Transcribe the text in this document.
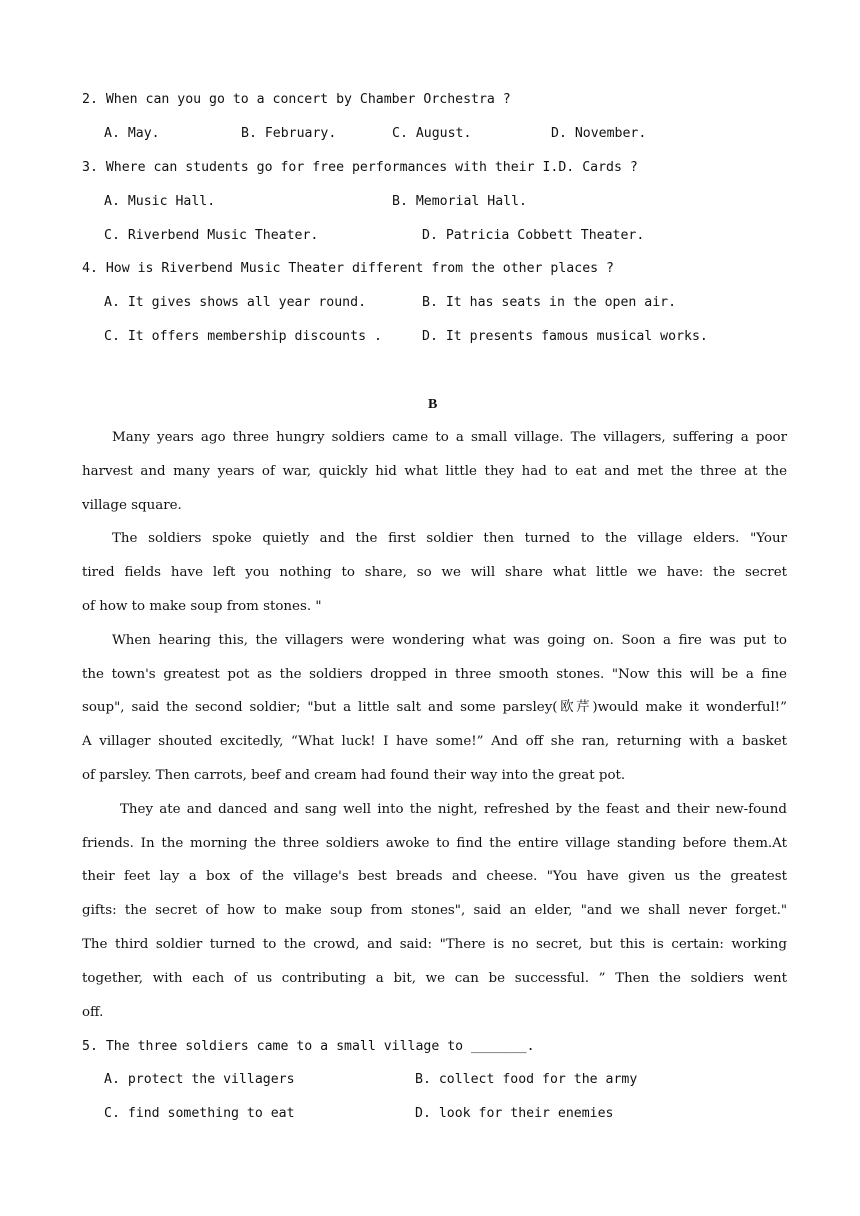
2. When can you go to a concert by Chamber Orchestra ?
A. May.	B. February.	C. August.	D. November.
3. Where can students go for free performances with their I.D. Cards ?
A. Music Hall.	B. Memorial Hall.
C. Riverbend Music Theater.	D. Patricia Cobbett Theater.
4. How is Riverbend Music Theater different from the other places ?
A. It gives shows all year round.	B. It has seats in the open air.
C. It offers membership discounts .	D. It presents famous musical works.
B
Many years ago three hungry soldiers came to a small village. The villagers, suffering a poor
harvest and many years of war, quickly hid what little they had to eat and met the three at the
village square.
The soldiers spoke quietly and the first soldier then turned to the village elders. "Your
tired fields have left you nothing to share, so we will share what little we have: the secret
of how to make soup from stones. "
When hearing this, the villagers were wondering what was going on. Soon a fire was put to
the town's greatest pot as the soldiers dropped in three smooth stones. "Now this will be a fine
soup", said the second soldier; "but a little salt and some parsley(欧芹)would make it wonderful!”
A villager shouted excitedly, “What luck! I have some!” And off she ran, returning with a basket
of parsley. Then carrots, beef and cream had found their way into the great pot.
They ate and danced and sang well into the night, refreshed by the feast and their new-found
friends. In the morning the three soldiers awoke to find the entire village standing before them.At
their feet lay a box of the village's best breads and cheese. "You have given us the greatest
gifts: the secret of how to make soup from stones", said an elder, "and we shall never forget."
The third soldier turned to the crowd, and said: "There is no secret, but this is certain: working
together, with each of us contributing a bit, we can be successful. ” Then the soldiers went
off.
5. The three soldiers came to a small village to _______.
A. protect the villagers	B. collect food for the army
C. find something to eat	D. look for their enemies
